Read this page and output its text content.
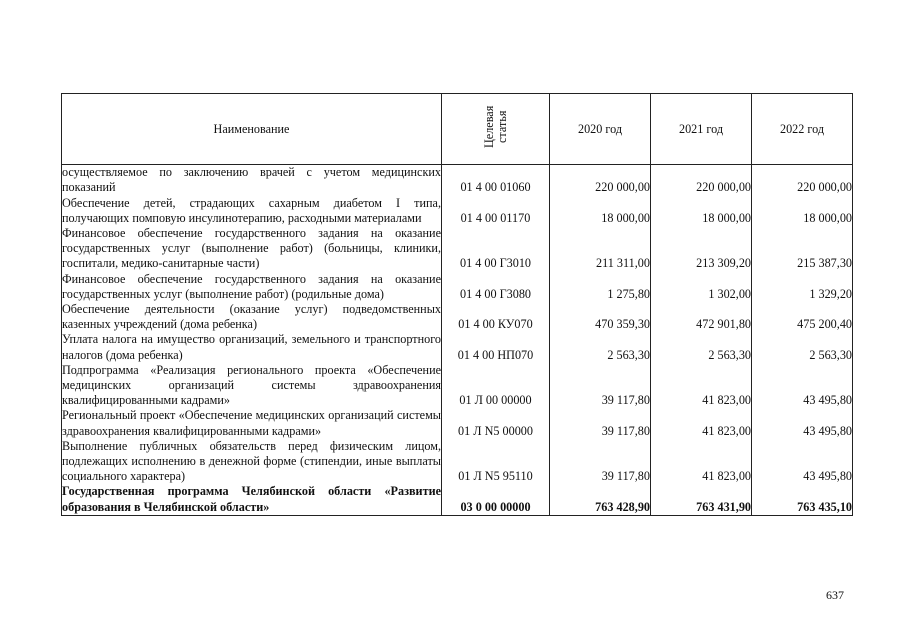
Наименование	Целевая статья	2020 год	2021 год	2022 год
осуществляемое по заключению врачей с учетом медицинских показаний	01 4 00 01060	220 000,00	220 000,00	220 000,00
Обеспечение детей, страдающих сахарным диабетом I типа, получающих помповую инсулинотерапию, расходными материалами	01 4 00 01170	18 000,00	18 000,00	18 000,00
Финансовое обеспечение государственного задания на оказание государственных услуг (выполнение работ) (больницы, клиники, госпитали, медико-санитарные части)	01 4 00 Г3010	211 311,00	213 309,20	215 387,30
Финансовое обеспечение государственного задания на оказание государственных услуг (выполнение работ) (родильные дома)	01 4 00 Г3080	1 275,80	1 302,00	1 329,20
Обеспечение деятельности (оказание услуг) подведомственных казенных учреждений (дома ребенка)	01 4 00 КУ070	470 359,30	472 901,80	475 200,40
Уплата налога на имущество организаций, земельного и транспортного налогов (дома ребенка)	01 4 00 НП070	2 563,30	2 563,30	2 563,30
Подпрограмма «Реализация регионального проекта «Обеспечение медицинских организаций системы здравоохранения квалифицированными кадрами»	01 Л 00 00000	39 117,80	41 823,00	43 495,80
Региональный проект «Обеспечение медицинских организаций системы здравоохранения квалифицированными кадрами»	01 Л N5 00000	39 117,80	41 823,00	43 495,80
Выполнение публичных обязательств перед физическим лицом, подлежащих исполнению в денежной форме (стипендии, иные выплаты социального характера)	01 Л N5 95110	39 117,80	41 823,00	43 495,80
Государственная программа Челябинской области «Развитие образования в Челябинской области»	03 0 00 00000	763 428,90	763 431,90	763 435,10
637
